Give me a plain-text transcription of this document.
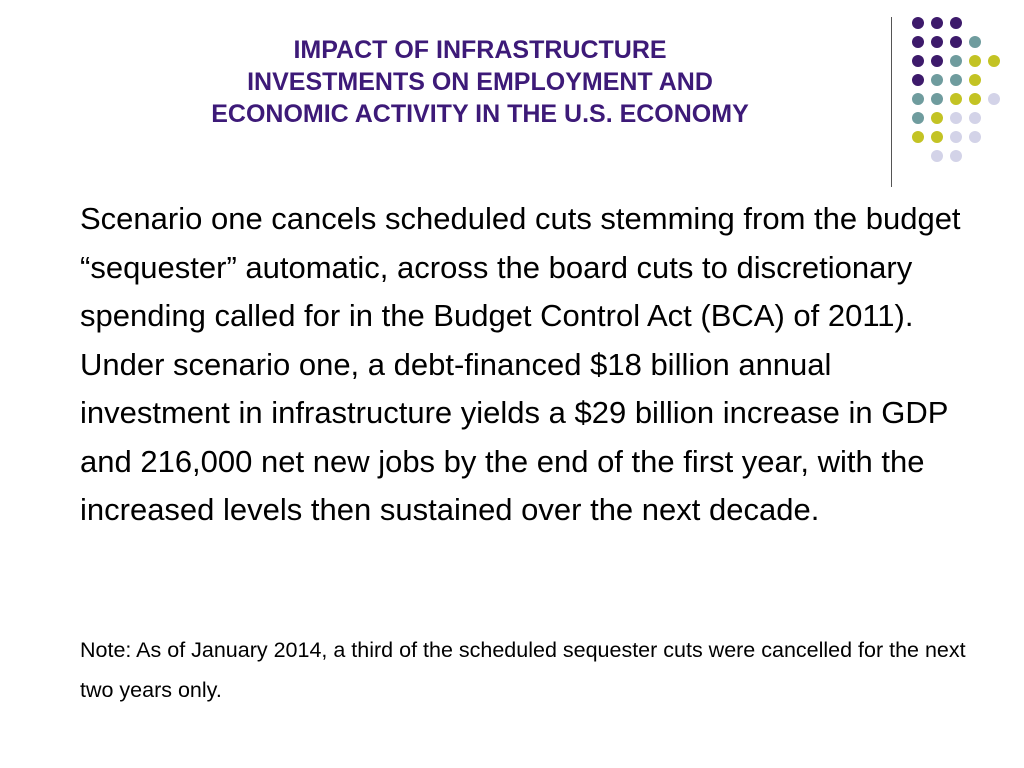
IMPACT OF INFRASTRUCTURE
INVESTMENTS ON EMPLOYMENT AND
ECONOMIC ACTIVITY IN THE U.S. ECONOMY

Scenario one cancels scheduled cuts stemming from the budget “sequester” automatic, across the board cuts to discretionary spending called for in the Budget Control Act (BCA) of 2011). Under scenario one, a debt-financed $18 billion annual investment in infrastructure yields a $29 billion increase in GDP and 216,000 net new jobs by the end of the first year, with the increased levels then sustained over the next decade.

Note: As of January 2014, a third of the scheduled sequester cuts were cancelled for the next two years only.
